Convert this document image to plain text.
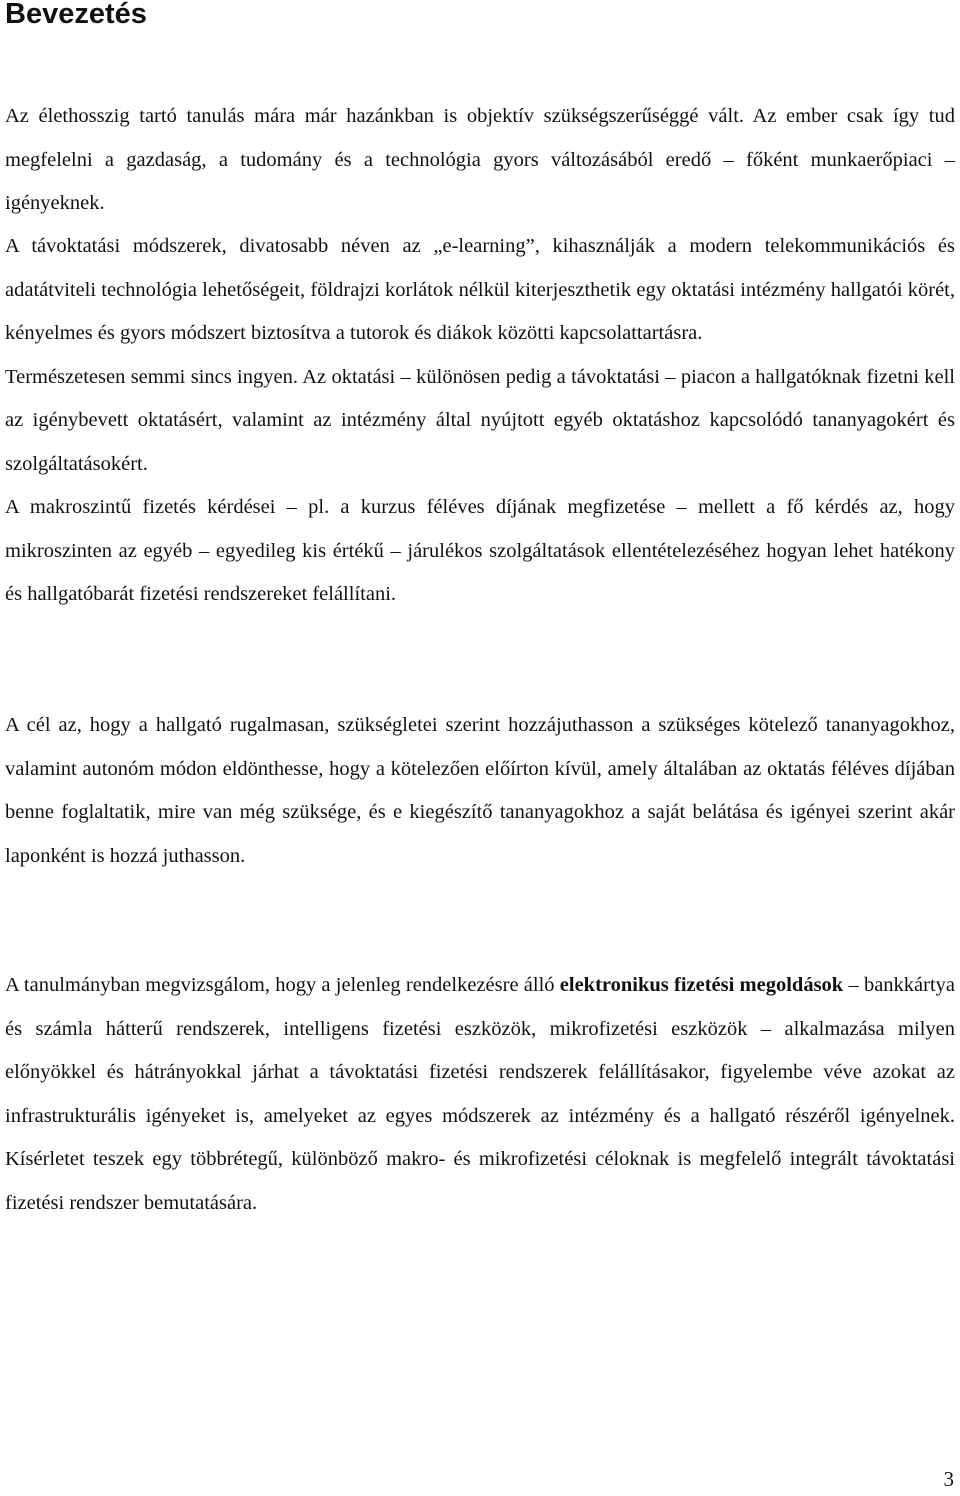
Bevezetés

Az élethosszig tartó tanulás mára már hazánkban is objektív szükségszerűséggé vált. Az ember csak így tud megfelelni a gazdaság, a tudomány és a technológia gyors változásából eredő – főként munkaerőpiaci – igényeknek.

A távoktatási módszerek, divatosabb néven az „e-learning”, kihasználják a modern telekommunikációs és adatátviteli technológia lehetőségeit, földrajzi korlátok nélkül kiterjeszthetik egy oktatási intézmény hallgatói körét, kényelmes és gyors módszert biztosítva a tutorok és diákok közötti kapcsolattartásra.
Természetesen semmi sincs ingyen. Az oktatási – különösen pedig a távoktatási – piacon a hallgatóknak fizetni kell az igénybevett oktatásért, valamint az intézmény által nyújtott egyéb oktatáshoz kapcsolódó tananyagokért és szolgáltatásokért.
A makroszintű fizetés kérdései – pl. a kurzus féléves díjának megfizetése – mellett a fő kérdés az, hogy mikroszinten az egyéb – egyedileg kis értékű – járulékos szolgáltatások ellentételezéséhez hogyan lehet hatékony és hallgatóbarát fizetési rendszereket felállítani.

A cél az, hogy a hallgató rugalmasan, szükségletei szerint hozzájuthasson a szükséges kötelező tananyagokhoz, valamint autonóm módon eldönthesse, hogy a kötelezően előírton kívül, amely általában az oktatás féléves díjában benne foglaltatik, mire van még szüksége, és e kiegészítő tananyagokhoz a saját belátása és igényei szerint akár laponként is hozzá juthasson.

A tanulmányban megvizsgálom, hogy a jelenleg rendelkezésre álló elektronikus fizetési megoldások – bankkártya és számla hátterű rendszerek, intelligens fizetési eszközök, mikrofizetési eszközök – alkalmazása milyen előnyökkel és hátrányokkal járhat a távoktatási fizetési rendszerek felállításakor, figyelembe véve azokat az infrastrukturális igényeket is, amelyeket az egyes módszerek az intézmény és a hallgató részéről igényelnek. Kísérletet teszek egy többrétegű, különböző makro- és mikrofizetési céloknak is megfelelő integrált távoktatási fizetési rendszer bemutatására.

3
